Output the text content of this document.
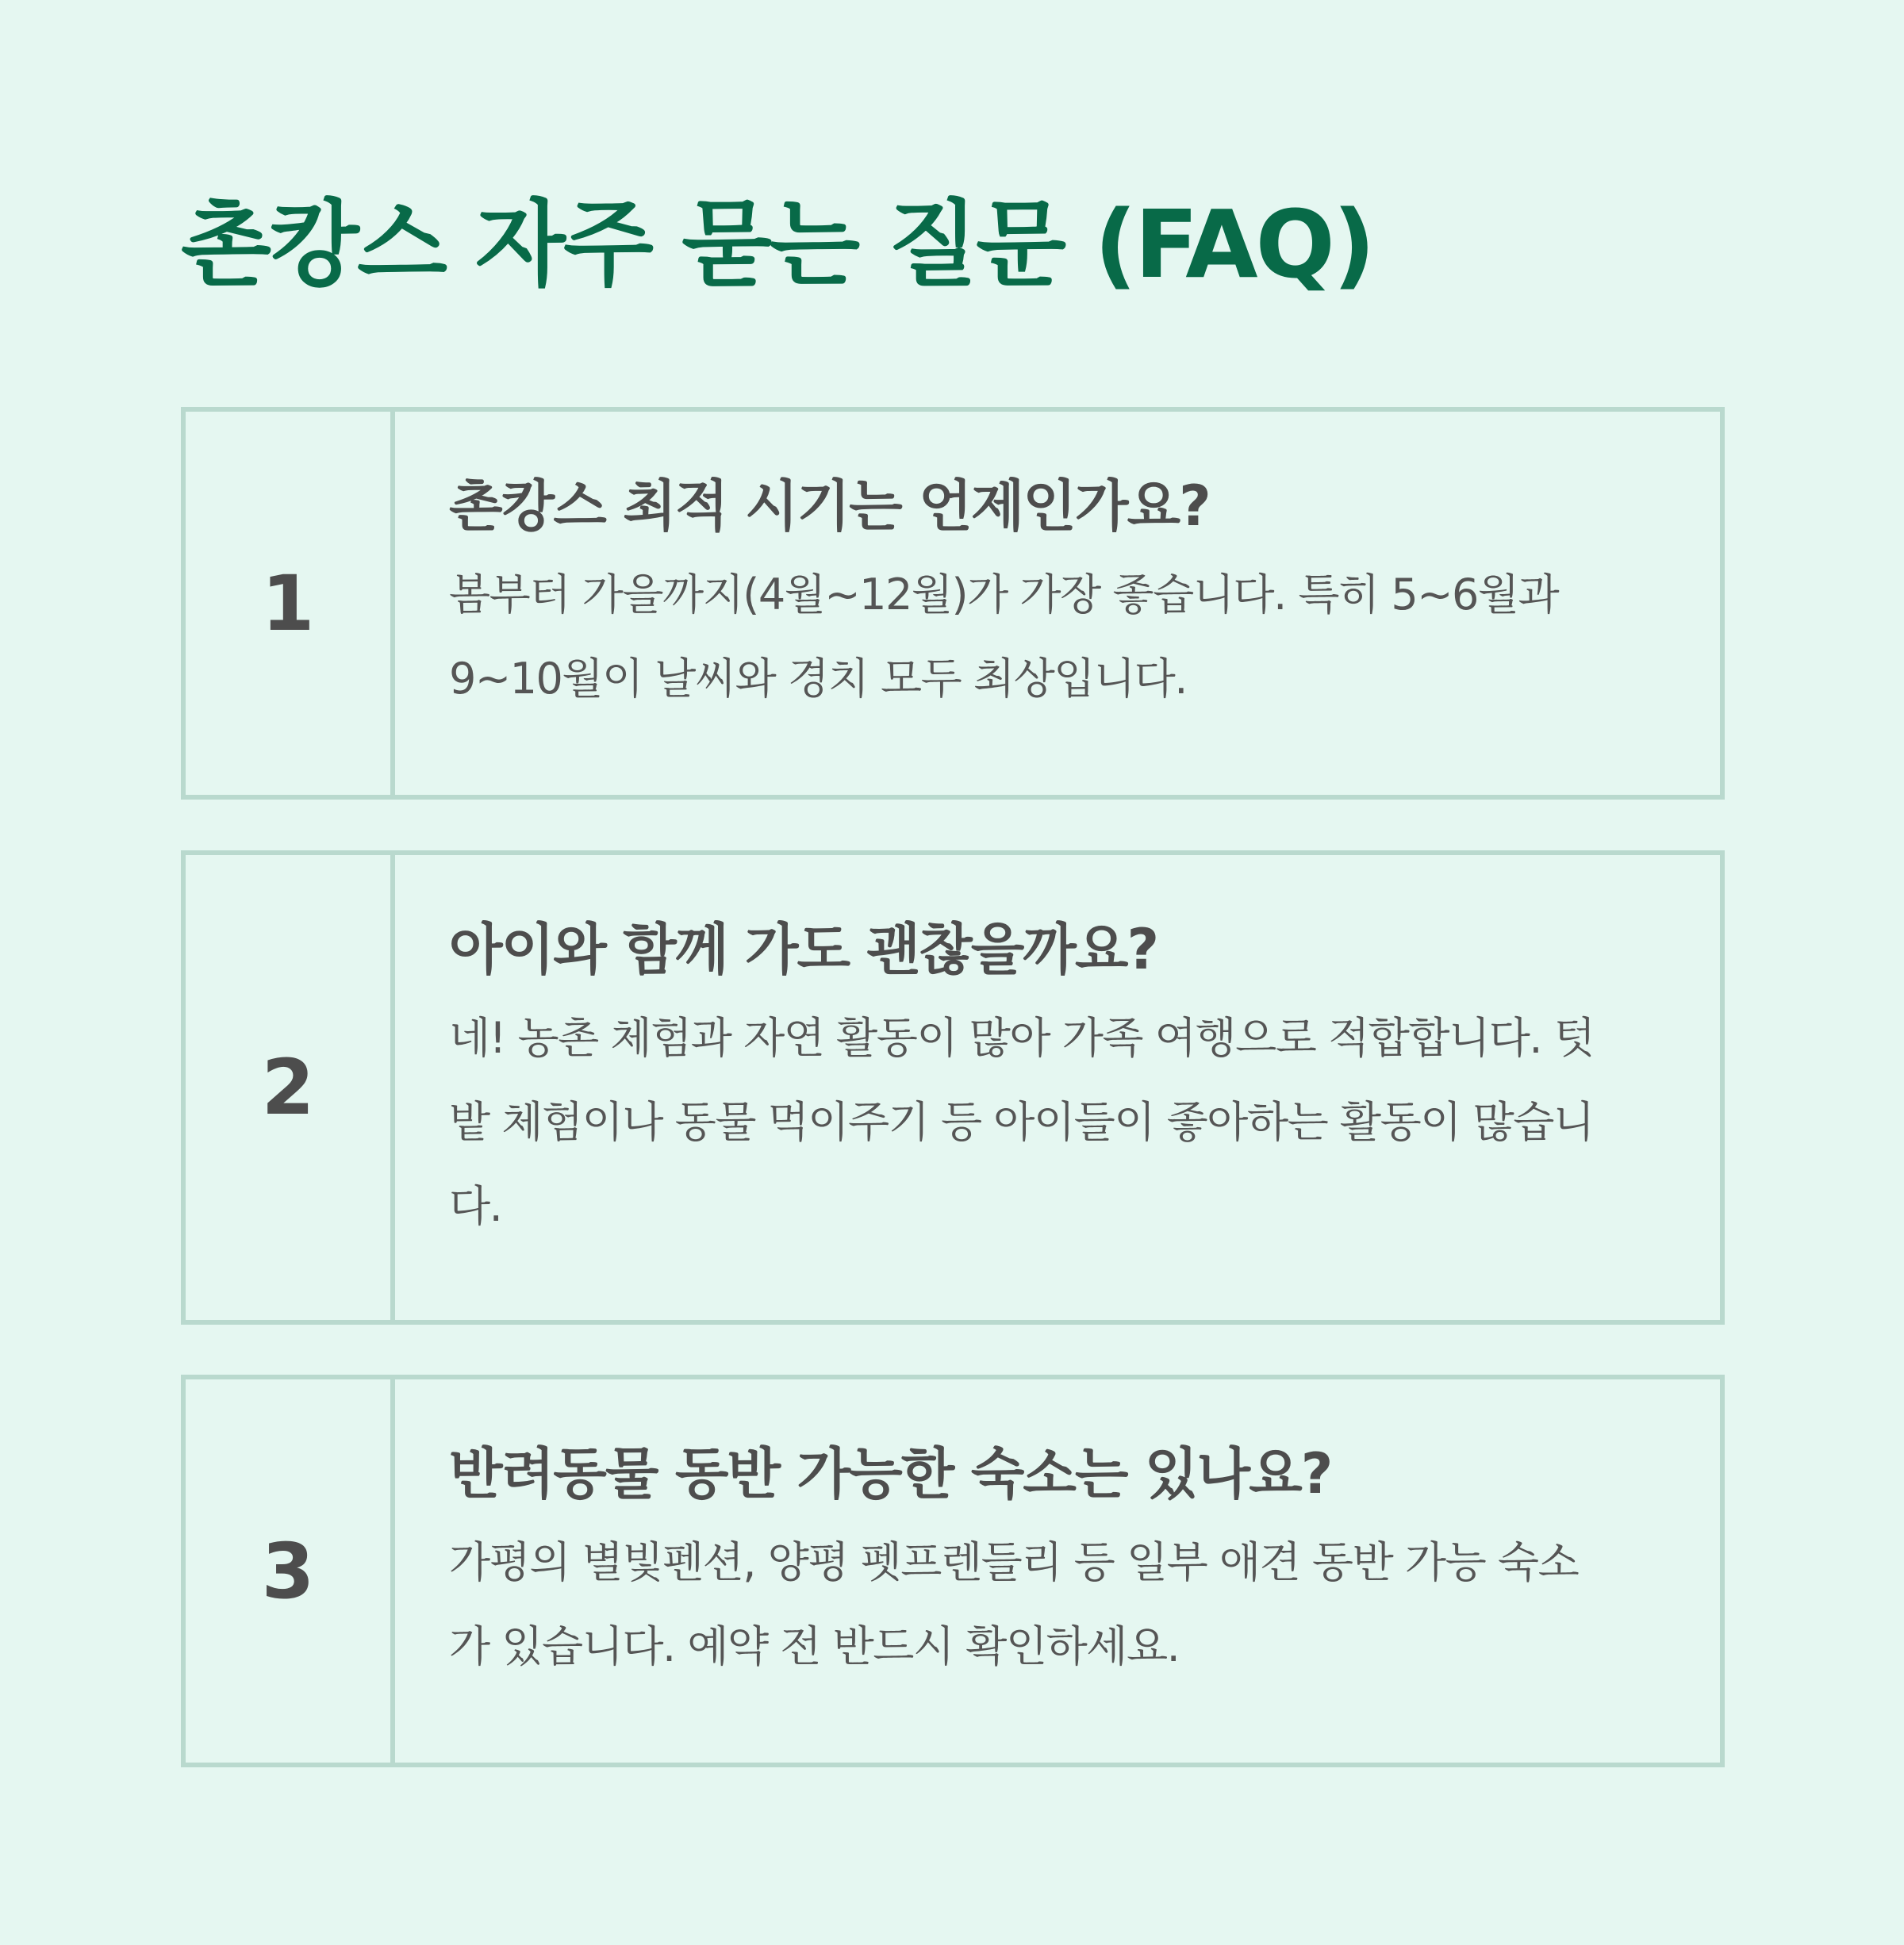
촌캉스 자주 묻는 질문 (FAQ)
1
촌캉스 최적 시기는 언제인가요?

봄부터 가을까지(4월~12월)가 가장 좋습니다. 특히 5~6월과
9~10월이 날씨와 경치 모두 최상입니다.

2
아이와 함께 가도 괜찮을까요?

네! 농촌 체험과 자연 활동이 많아 가족 여행으로 적합합니다. 텃
밭 체험이나 동물 먹이주기 등 아이들이 좋아하는 활동이 많습니
다.

3
반려동물 동반 가능한 숙소는 있나요?

가평의 별빛펜션, 양평 펫프렌들리 등 일부 애견 동반 가능 숙소
가 있습니다. 예약 전 반드시 확인하세요.
